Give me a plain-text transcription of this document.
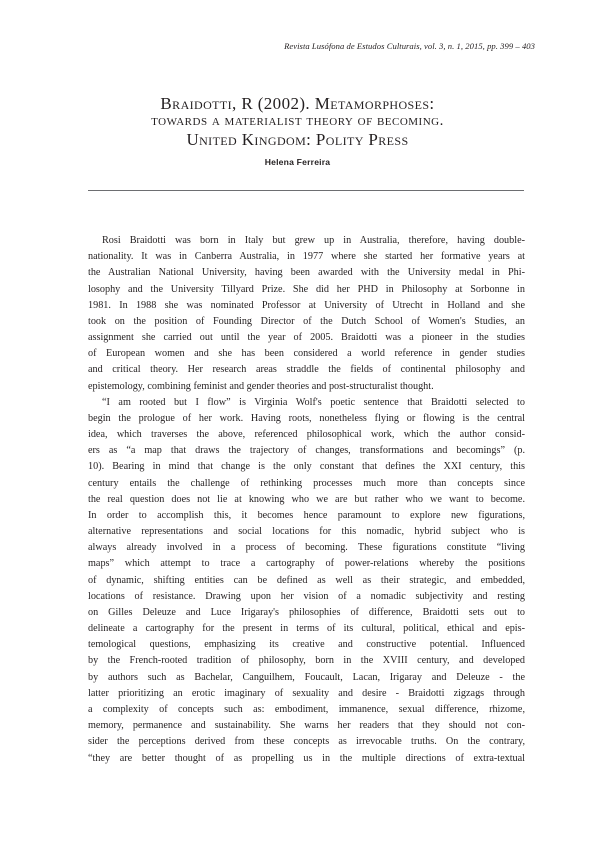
Revista Lusófona de Estudos Culturais, vol. 3, n. 1, 2015, pp. 399 – 403
Braidotti, R (2002). Metamorphoses:
towards a materialist theory of becoming.
United Kingdom: Polity Press
Helena Ferreira
Rosi Braidotti was born in Italy but grew up in Australia, therefore, having double-
nationality. It was in Canberra Australia, in 1977 where she started her formative years at
the Australian National University, having been awarded with the University medal in Phi-
losophy and the University Tillyard Prize. She did her PHD in Philosophy at Sorbonne in
1981. In 1988 she was nominated Professor at University of Utrecht in Holland and she
took on the position of Founding Director of the Dutch School of Women's Studies, an
assignment she carried out until the year of 2005. Braidotti was a pioneer in the studies
of European women and she has been considered a world reference in gender studies
and critical theory. Her research areas straddle the fields of continental philosophy and
epistemology, combining feminist and gender theories and post-structuralist thought.
“I am rooted but I flow” is Virginia Wolf's poetic sentence that Braidotti selected to
begin the prologue of her work. Having roots, nonetheless flying or flowing is the central
idea, which traverses the above, referenced philosophical work, which the author consid-
ers as “a map that draws the trajectory of changes, transformations and becomings” (p.
10). Bearing in mind that change is the only constant that defines the XXI century, this
century entails the challenge of rethinking processes much more than concepts since
the real question does not lie at knowing who we are but rather who we want to become.
In order to accomplish this, it becomes hence paramount to explore new figurations,
alternative representations and social locations for this nomadic, hybrid subject who is
always already involved in a process of becoming. These figurations constitute “living
maps” which attempt to trace a cartography of power-relations whereby the positions
of dynamic, shifting entities can be defined as well as their strategic, and embedded,
locations of resistance. Drawing upon her vision of a nomadic subjectivity and resting
on Gilles Deleuze and Luce Irigaray's philosophies of difference, Braidotti sets out to
delineate a cartography for the present in terms of its cultural, political, ethical and epis-
temological questions, emphasizing its creative and constructive potential. Influenced
by the French-rooted tradition of philosophy, born in the XVIII century, and developed
by authors such as Bachelar, Canguilhem, Foucault, Lacan, Irigaray and Deleuze - the
latter prioritizing an erotic imaginary of sexuality and desire - Braidotti zigzags through
a complexity of concepts such as: embodiment, immanence, sexual difference, rhizome,
memory, permanence and sustainability. She warns her readers that they should not con-
sider the perceptions derived from these concepts as irrevocable truths. On the contrary,
“they are better thought of as propelling us in the multiple directions of extra-textual
